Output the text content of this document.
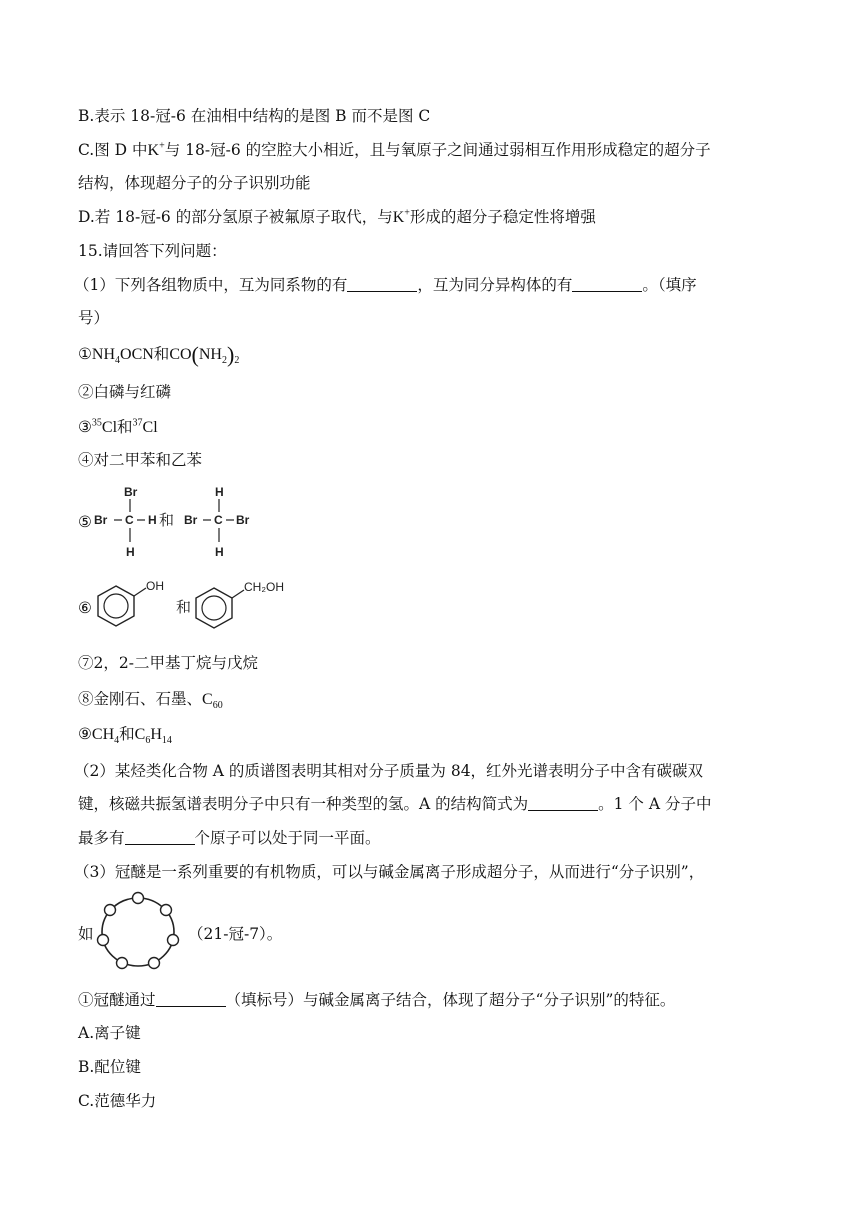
B.表示 18-冠-6 在油相中结构的是图 B 而不是图 C
C.图 D 中K+与 18-冠-6 的空腔大小相近，且与氧原子之间通过弱相互作用形成稳定的超分子
结构，体现超分子的分子识别功能
D.若 18-冠-6 的部分氢原子被氟原子取代，与K+形成的超分子稳定性将增强
15.请回答下列问题：
（1）下列各组物质中，互为同系物的有	，互为同分异构体的有	。（填序
号）
$①NH_4OCN$和$CO(NH_2)_2$
②白磷与红磷
③$^{35}$Cl和$^{37}$Cl
④对二甲苯和乙苯
⑤
Br
Br C H
H
和
H
Br C Br
H
⑥
OH
和
CH₂OH
⑦2，2-二甲基丁烷与戊烷
⑧金刚石、石墨、$C_{60}$
$⑨CH_4$和$C_6H_{14}$
（2）某烃类化合物 A 的质谱图表明其相对分子质量为 84，红外光谱表明分子中含有碳碳双
键，核磁共振氢谱表明分子中只有一种类型的氢。A 的结构简式为	。1 个 A 分子中
最多有	个原子可以处于同一平面。
（3）冠醚是一系列重要的有机物质，可以与碱金属离子形成超分子，从而进行“分子识别”，
如	（21-冠-7）。
①冠醚通过	（填标号）与碱金属离子结合，体现了超分子“分子识别”的特征。
A.离子键
B.配位键
C.范德华力
